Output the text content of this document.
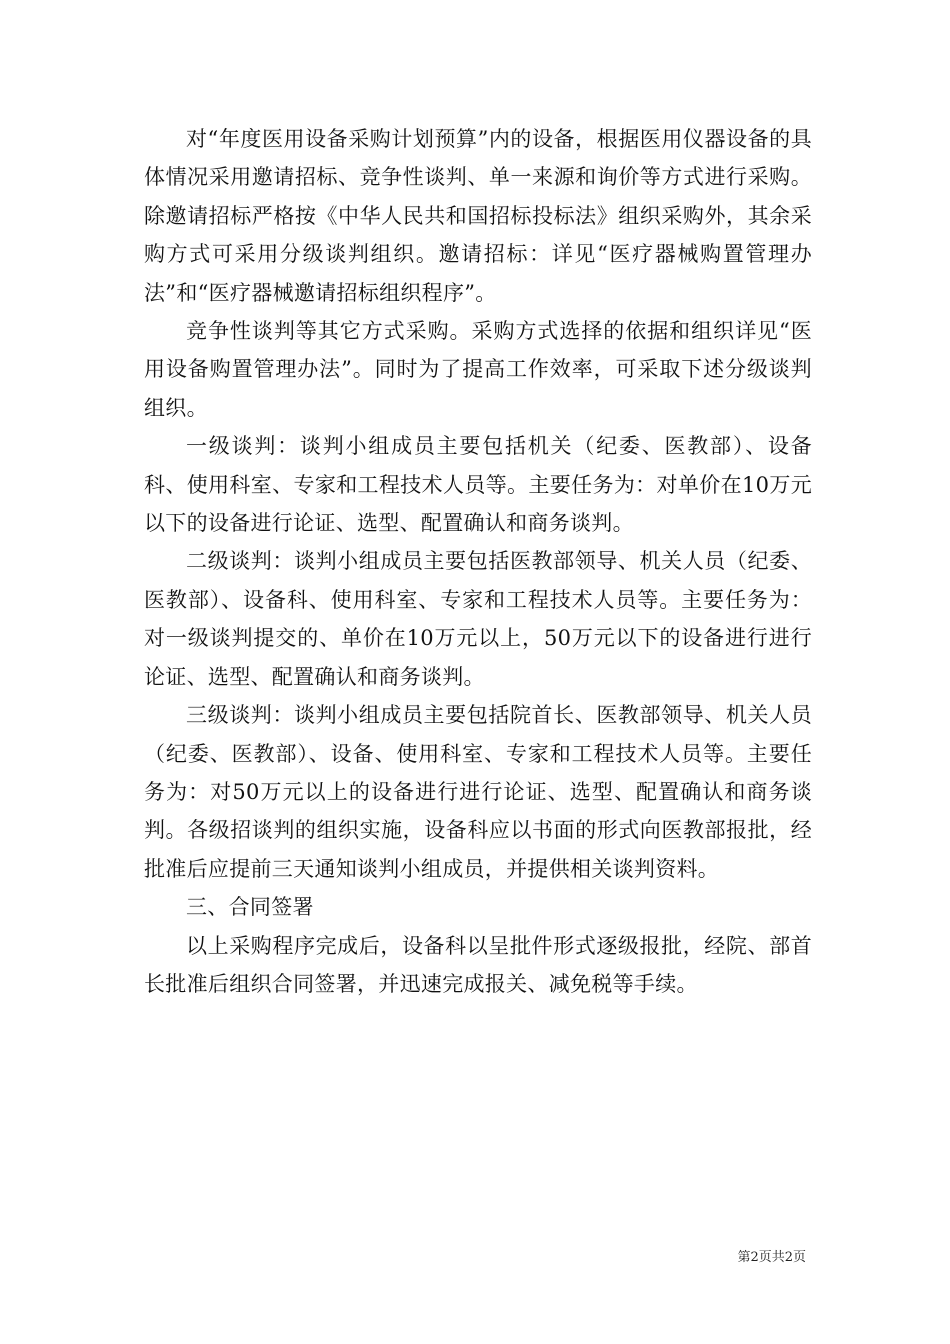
对“年度医用设备采购计划预算”内的设备，根据医用仪器设备的具体情况采用邀请招标、竞争性谈判、单一来源和询价等方式进行采购。除邀请招标严格按《中华人民共和国招标投标法》组织采购外，其余采购方式可采用分级谈判组织。邀请招标：详见“医疗器械购置管理办法”和“医疗器械邀请招标组织程序”。

竞争性谈判等其它方式采购。采购方式选择的依据和组织详见“医用设备购置管理办法”。同时为了提高工作效率，可采取下述分级谈判组织。

一级谈判：谈判小组成员主要包括机关（纪委、医教部）、设备科、使用科室、专家和工程技术人员等。主要任务为：对单价在10万元以下的设备进行论证、选型、配置确认和商务谈判。

二级谈判：谈判小组成员主要包括医教部领导、机关人员（纪委、医教部）、设备科、使用科室、专家和工程技术人员等。主要任务为：对一级谈判提交的、单价在10万元以上，50万元以下的设备进行进行论证、选型、配置确认和商务谈判。

三级谈判：谈判小组成员主要包括院首长、医教部领导、机关人员（纪委、医教部）、设备、使用科室、专家和工程技术人员等。主要任务为：对50万元以上的设备进行进行论证、选型、配置确认和商务谈判。各级招谈判的组织实施，设备科应以书面的形式向医教部报批，经批准后应提前三天通知谈判小组成员，并提供相关谈判资料。

三、合同签署

以上采购程序完成后，设备科以呈批件形式逐级报批，经院、部首长批准后组织合同签署，并迅速完成报关、减免税等手续。

第2页共2页
